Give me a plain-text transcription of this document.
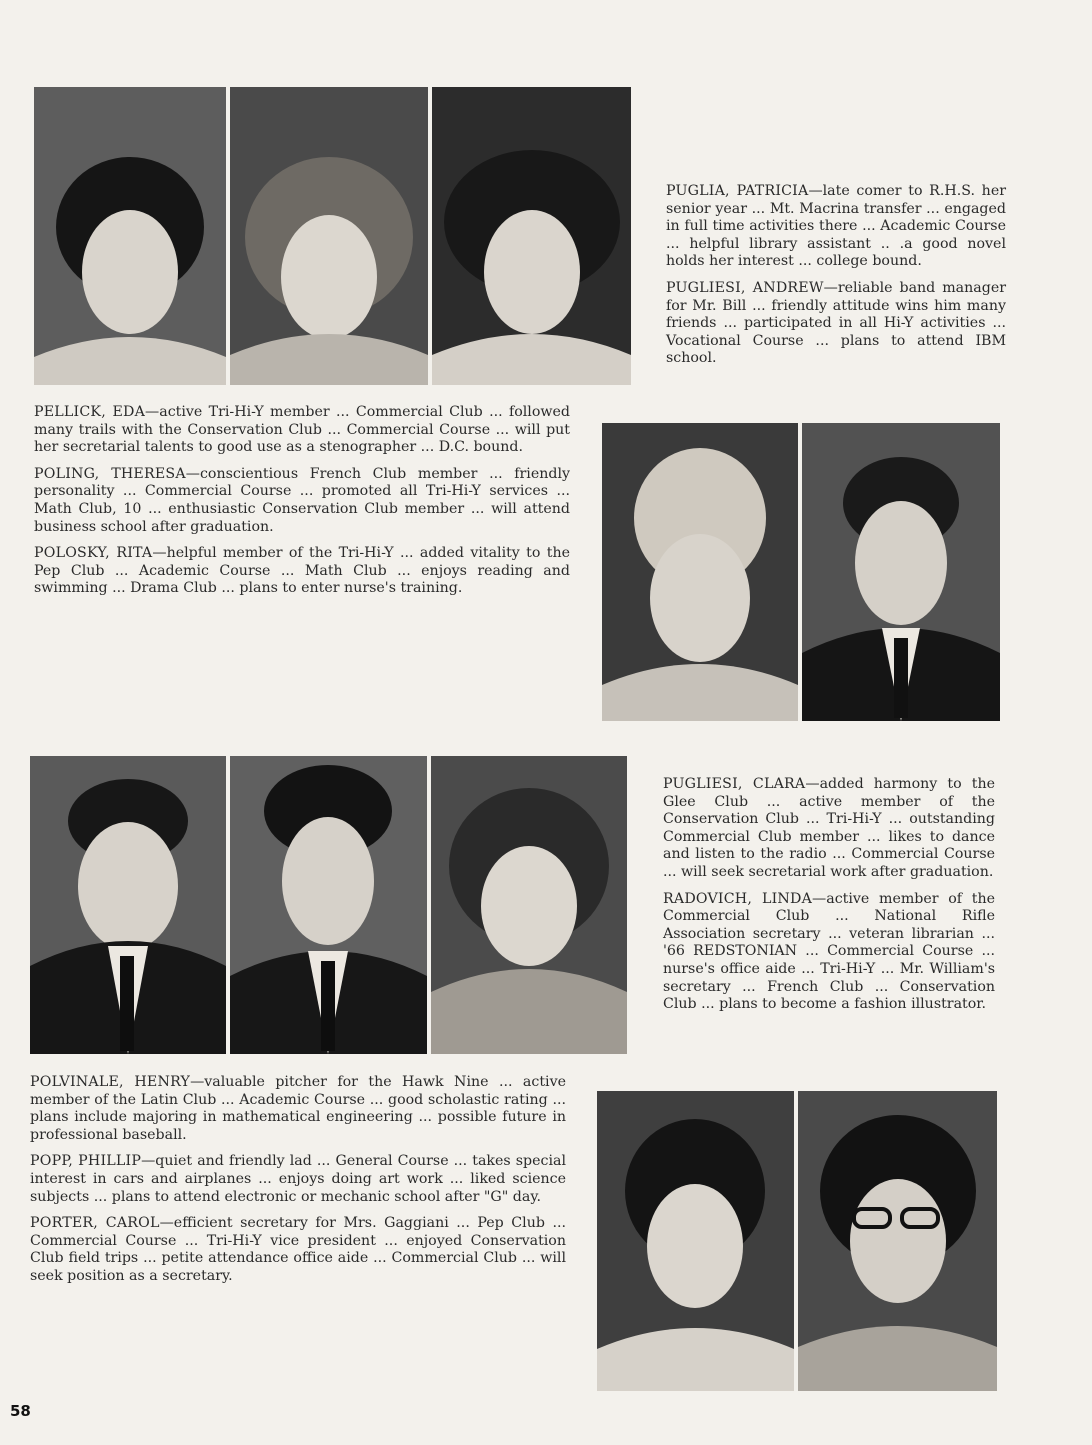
PUGLIA, PATRICIA—late comer to R.H.S. her senior year ... Mt. Macrina transfer ... engaged in full time activities there ... Academic Course ... helpful library assistant .. .a good novel holds her interest ... college bound.

PUGLIESI, ANDREW—reliable band manager for Mr. Bill ... friendly attitude wins him many friends ... participated in all Hi-Y activities ... Vocational Course ... plans to attend IBM school.

PELLICK, EDA—active Tri-Hi-Y member ... Commercial Club ... followed many trails with the Conservation Club ... Commercial Course ... will put her secretarial talents to good use as a stenographer ... D.C. bound.

POLING, THERESA—conscientious French Club member ... friendly personality ... Commercial Course ... promoted all Tri-Hi-Y services ... Math Club, 10 ... enthusiastic Conservation Club member ... will attend business school after graduation.

POLOSKY, RITA—helpful member of the Tri-Hi-Y ... added vitality to the Pep Club ... Academic Course ... Math Club ... enjoys reading and swimming ... Drama Club ... plans to enter nurse's training.

PUGLIESI, CLARA—added harmony to the Glee Club ... active member of the Conservation Club ... Tri-Hi-Y ... outstanding Commercial Club member ... likes to dance and listen to the radio ... Commercial Course ... will seek secretarial work after graduation.

RADOVICH, LINDA—active member of the Commercial Club ... National Rifle Association secretary ... veteran librarian ... '66 REDSTONIAN ... Commercial Course ... nurse's office aide ... Tri-Hi-Y ... Mr. William's secretary ... French Club ... Conservation Club ... plans to become a fashion illustrator.

POLVINALE, HENRY—valuable pitcher for the Hawk Nine ... active member of the Latin Club ... Academic Course ... good scholastic rating ... plans include majoring in mathematical engineering ... possible future in professional baseball.

POPP, PHILLIP—quiet and friendly lad ... General Course ... takes special interest in cars and airplanes ... enjoys doing art work ... liked science subjects ... plans to attend electronic or mechanic school after "G" day.

PORTER, CAROL—efficient secretary for Mrs. Gaggiani ... Pep Club ... Commercial Course ... Tri-Hi-Y vice president ... enjoyed Conservation Club field trips ... petite attendance office aide ... Commercial Club ... will seek position as a secretary.

58
